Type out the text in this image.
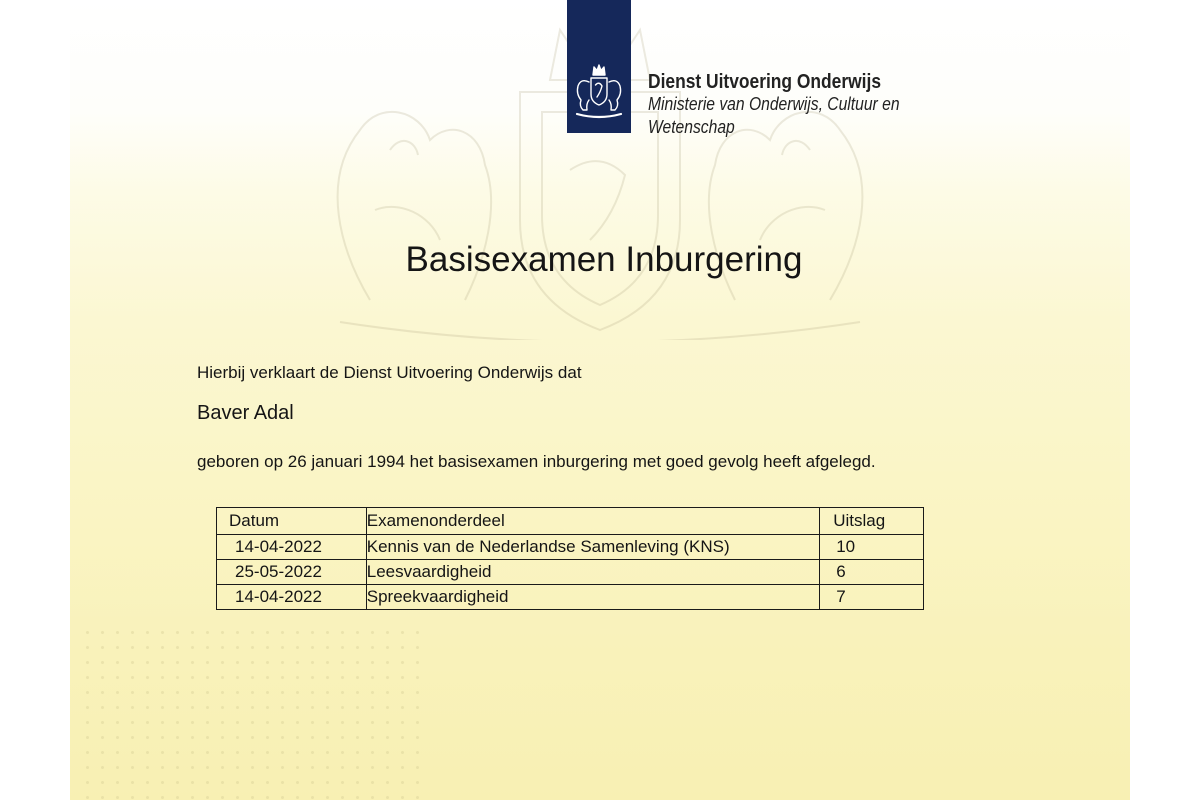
Dienst Uitvoering Onderwijs
Ministerie van Onderwijs, Cultuur en
Wetenschap
Basisexamen Inburgering
Hierbij verklaart de Dienst Uitvoering Onderwijs dat
Baver Adal
geboren op 26 januari 1994 het basisexamen inburgering met goed gevolg heeft afgelegd.
Datum	Examenonderdeel	Uitslag
14-04-2022	Kennis van de Nederlandse Samenleving (KNS)	10
25-05-2022	Leesvaardigheid	6
14-04-2022	Spreekvaardigheid	7
